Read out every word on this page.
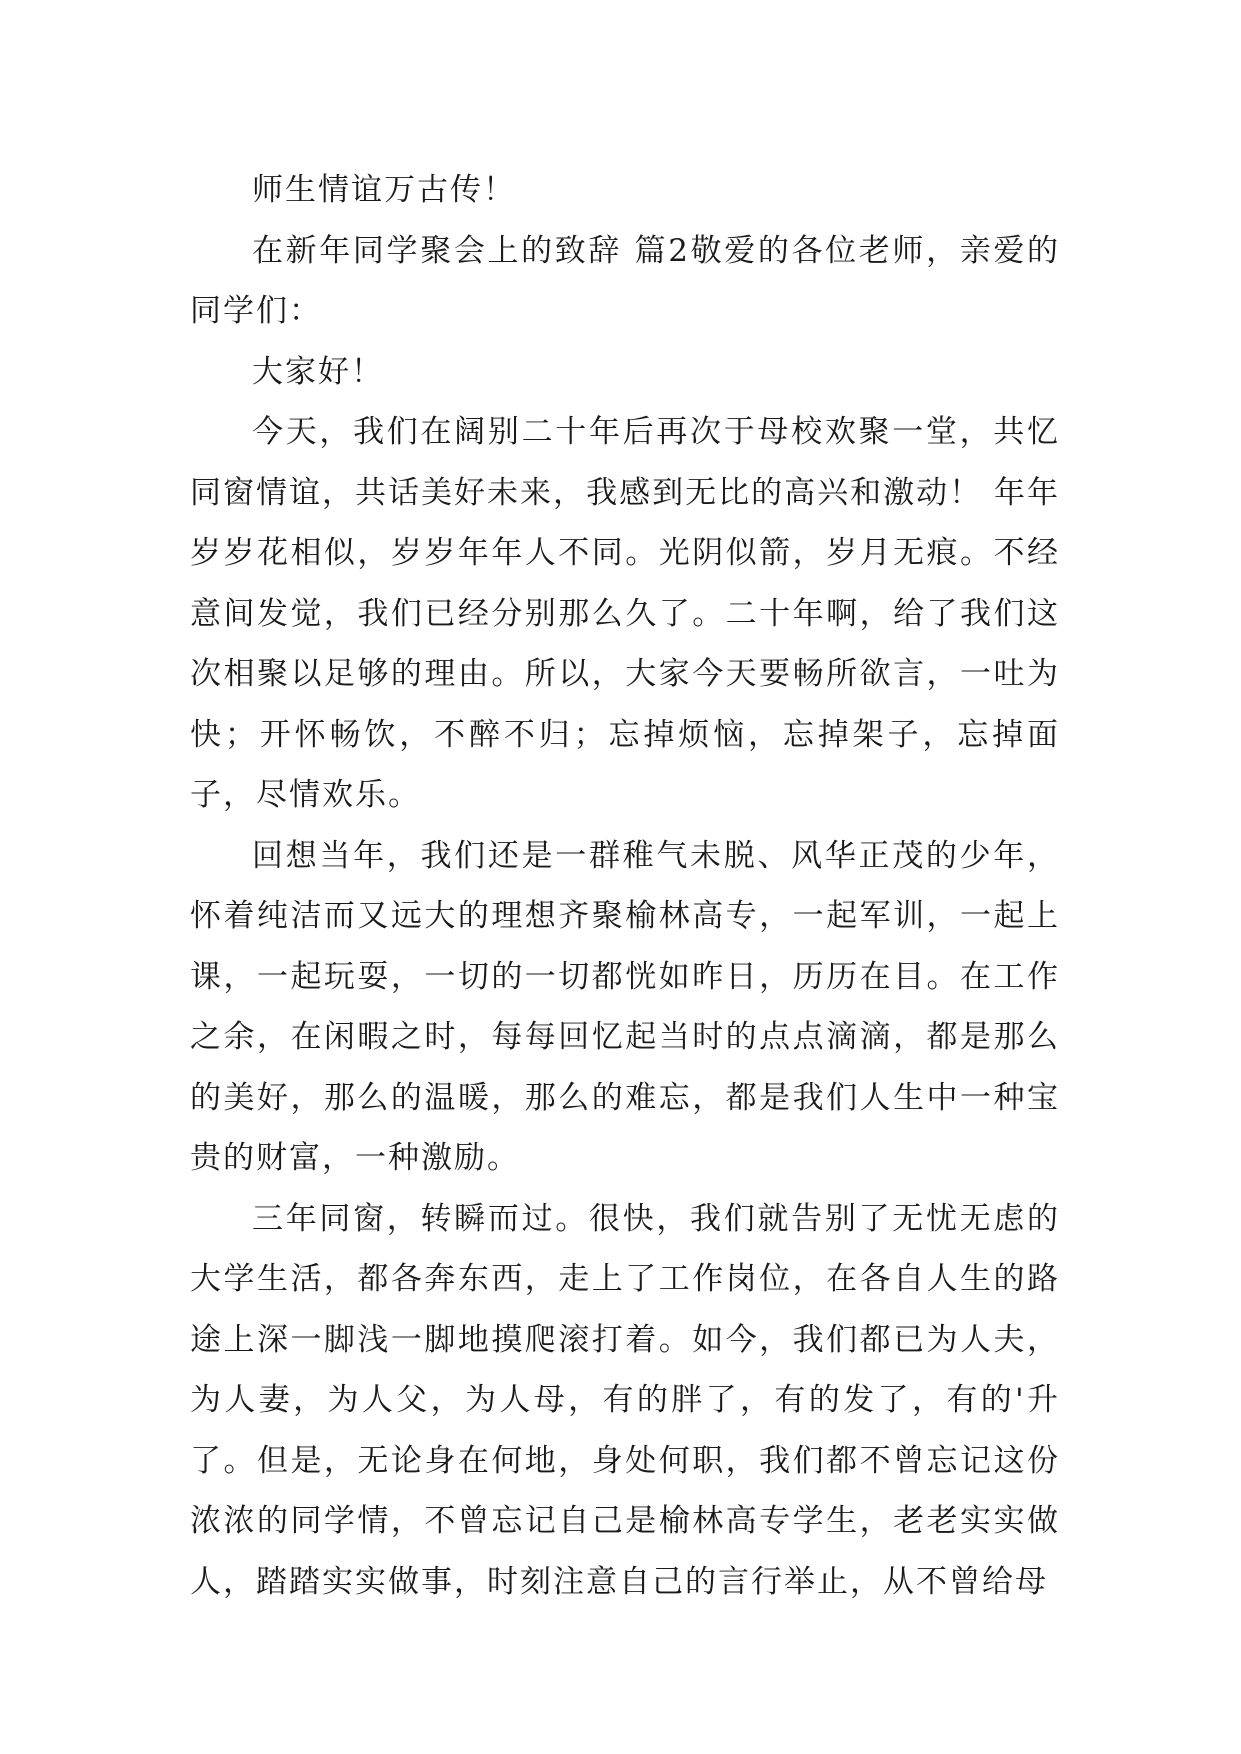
师生情谊万古传！

在新年同学聚会上的致辞 篇2敬爱的各位老师，亲爱的同学们：

大家好！

今天，我们在阔别二十年后再次于母校欢聚一堂，共忆同窗情谊，共话美好未来，我感到无比的高兴和激动！ 年年岁岁花相似，岁岁年年人不同。光阴似箭，岁月无痕。不经意间发觉，我们已经分别那么久了。二十年啊，给了我们这次相聚以足够的理由。所以，大家今天要畅所欲言，一吐为快；开怀畅饮，不醉不归；忘掉烦恼，忘掉架子，忘掉面子，尽情欢乐。

回想当年，我们还是一群稚气未脱、风华正茂的少年，怀着纯洁而又远大的理想齐聚榆林高专，一起军训，一起上课，一起玩耍，一切的一切都恍如昨日，历历在目。在工作之余，在闲暇之时，每每回忆起当时的点点滴滴，都是那么的美好，那么的温暖，那么的难忘，都是我们人生中一种宝贵的财富，一种激励。

三年同窗，转瞬而过。很快，我们就告别了无忧无虑的大学生活，都各奔东西，走上了工作岗位，在各自人生的路途上深一脚浅一脚地摸爬滚打着。如今，我们都已为人夫，为人妻，为人父，为人母，有的胖了，有的发了，有的'升了。但是，无论身在何地，身处何职，我们都不曾忘记这份浓浓的同学情，不曾忘记自己是榆林高专学生，老老实实做人，踏踏实实做事，时刻注意自己的言行举止，从不曾给母
